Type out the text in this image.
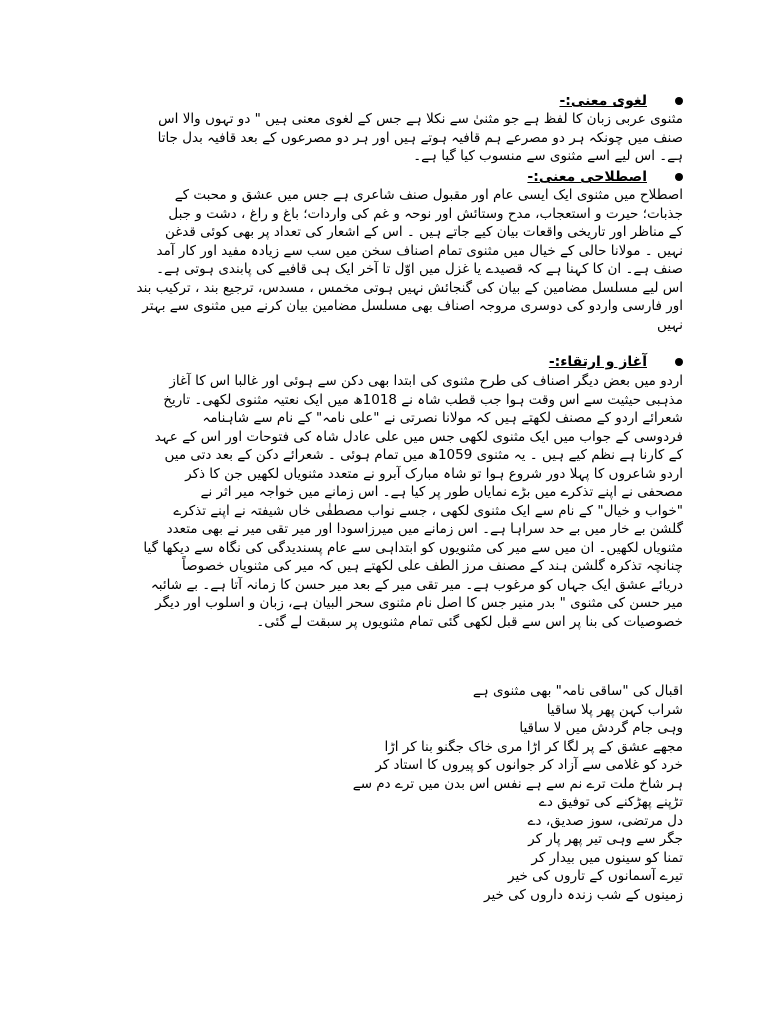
لغوی معنی:-

مثنوی عربی زبان کا لفظ ہے جو مثنیٰ سے نکلا ہے جس کے لغوی معنی ہیں " دو تہوں والا اس

صنف میں چونکہ ہر دو مصرعے ہم قافیہ ہوتے ہیں اور ہر دو مصرعوں کے بعد قافیہ بدل جاتا

ہے۔ اس لیے اسے مثنوی سے منسوب کیا گیا ہے۔

اصطلاحی معنی:-

اصطلاح میں مثنوی ایک ایسی عام اور مقبول صنف شاعری ہے جس میں عشق و محبت کے

جذبات؛ حیرت و استعجاب، مدح وستائش اور نوحہ و غم کی واردات؛ باغ و راغ ، دشت و جبل

کے مناظر اور تاریخی واقعات بیان کیے جاتے ہیں ۔ اس کے اشعار کی تعداد پر بھی کوئی قدغن

نہیں ۔ مولانا حالی کے خیال میں مثنوی تمام اصناف سخن میں سب سے زیادہ مفید اور کار آمد

صنف ہے۔ ان کا کہنا ہے کہ قصیدے یا غزل میں اوّل تا آخر ایک ہی قافیے کی پابندی ہوتی ہے۔

اس لیے مسلسل مضامین کے بیان کی گنجائش نہیں ہوتی مخمس ، مسدس، ترجیع بند ، ترکیب بند

اور فارسی واردو کی دوسری مروجہ اصناف بھی مسلسل مضامین بیان کرنے میں مثنوی سے بہتر

نہیں

آغاز و ارتقاء:-

اردو میں بعض دیگر اصناف کی طرح مثنوی کی ابتدا بھی دکن سے ہوئی اور غالبا اس کا آغاز

مذہبی حیثیت سے اس وقت ہوا جب قطب شاہ نے 1018ھ میں ایک نعتیہ مثنوی لکھی۔ تاریخ

شعرائے اردو کے مصنف لکھتے ہیں کہ مولانا نصرتی نے "علی نامہ" کے نام سے شاہنامہ

فردوسی کے جواب میں ایک مثنوی لکھی جس میں علی عادل شاہ کی فتوحات اور اس کے عہد

کے کارنا ہے نظم کیے ہیں ۔ یہ مثنوی 1059ھ میں تمام ہوئی ۔ شعرائے دکن کے بعد دتی میں

اردو شاعروں کا پہلا دور شروع ہوا تو شاہ مبارک آبرو نے متعدد مثنویاں لکھیں جن کا ذکر

مصحفی نے اپنے تذکرے میں بڑے نمایاں طور پر کیا ہے۔ اس زمانے میں خواجہ میر اثر نے

"خواب و خیال" کے نام سے ایک مثنوی لکھی ، جسے نواب مصطفٰی خاں شیفتہ نے اپنے تذکرے

گلشن بے خار میں بے حد سراہا ہے۔ اس زمانے میں میرزاسودا اور میر تقی میر نے بھی متعدد

مثنویاں لکھیں۔ ان میں سے میر کی مثنویوں کو ابتداہی سے عام پسندیدگی کی نگاہ سے دیکھا گیا

چنانچہ تذکرہ گلشن ہند کے مصنف مرز الطف علی لکھتے ہیں کہ میر کی مثنویاں خصوصاً

دریائے عشق ایک جہاں کو مرغوب ہے۔ میر تقی میر کے بعد میر حسن کا زمانہ آتا ہے۔ بے شائبہ

میر حسن کی مثنوی " بدر منیر جس کا اصل نام مثنوی سحر البیان ہے، زبان و اسلوب اور دیگر

خصوصیات کی بنا پر اس سے قبل لکھی گئی تمام مثنویوں پر سبقت لے گئی۔

اقبال کی "ساقی نامہ" بھی مثنوی ہے

شراب کہن پھر پلا ساقیا

وہی جام گردش میں لا ساقیا

مجھے عشق کے پر لگا کر اڑا مری خاک جگنو بنا کر اڑا

خرد کو غلامی سے آزاد کر جوانوں کو پیروں کا استاد کر

ہر شاخ ملت ترے نم سے ہے نفس اس بدن میں ترے دم سے

تڑپنے پھڑکنے کی توفیق دے

دل مرتضی، سوز صدیق، دے

جگر سے وہی تیر پھر پار کر

تمنا کو سینوں میں بیدار کر

تیرے آسمانوں کے تاروں کی خیر

زمینوں کے شب زندہ داروں کی خیر
